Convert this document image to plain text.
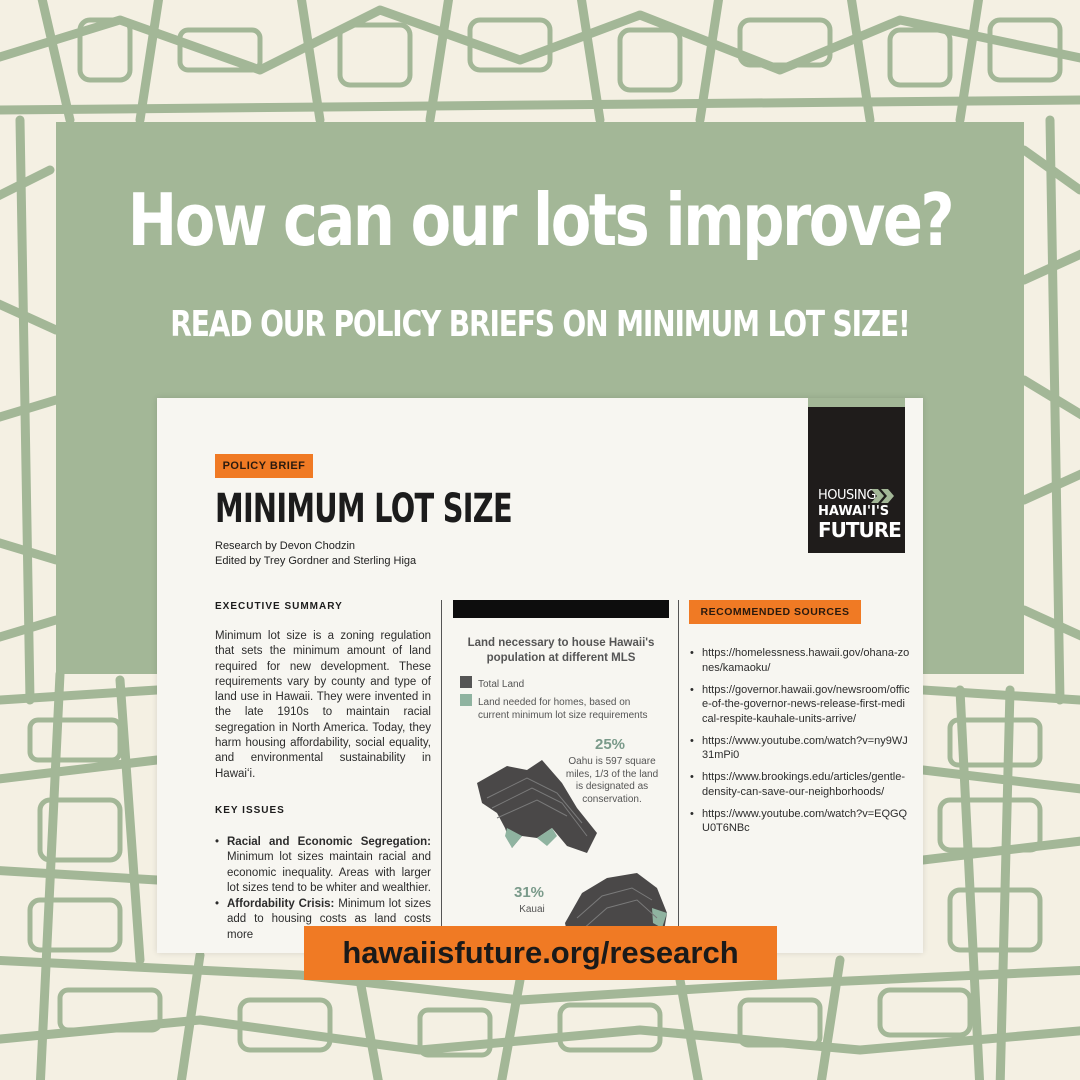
How can our lots improve?
READ OUR POLICY BRIEFS ON MINIMUM LOT SIZE!
POLICY BRIEF
MINIMUM LOT SIZE
Research by Devon Chodzin
Edited by Trey Gordner and Sterling Higa
HOUSING
HAWAI'I'S
FUTURE
EXECUTIVE SUMMARY
Minimum lot size is a zoning regulation that sets the minimum amount of land required for new development. These requirements vary by county and type of land use in Hawaii. They were invented in the late 1910s to maintain racial segregation in North America. Today, they harm housing affordability, social equality, and environmental sustainability in Hawaiʻi.
KEY ISSUES
• Racial and Economic Segregation: Minimum lot sizes maintain racial and economic inequality. Areas with larger lot sizes tend to be whiter and wealthier.
• Affordability Crisis: Minimum lot sizes add to housing costs as land costs more
Land necessary to house Hawaii's population at different MLS
Total Land
Land needed for homes, based on current minimum lot size requirements
25%
Oahu is 597 square miles, 1/3 of the land is designated as conservation.
31%
Kauai
RECOMMENDED SOURCES
• https://homelessness.hawaii.gov/ohana-zones/kamaoku/
• https://governor.hawaii.gov/newsroom/office-of-the-governor-news-release-first-medical-respite-kauhale-units-arrive/
• https://www.youtube.com/watch?v=ny9WJ31mPi0
• https://www.brookings.edu/articles/gentle-density-can-save-our-neighborhoods/
• https://www.youtube.com/watch?v=EQGQU0T6NBc
hawaiisfuture.org/research
